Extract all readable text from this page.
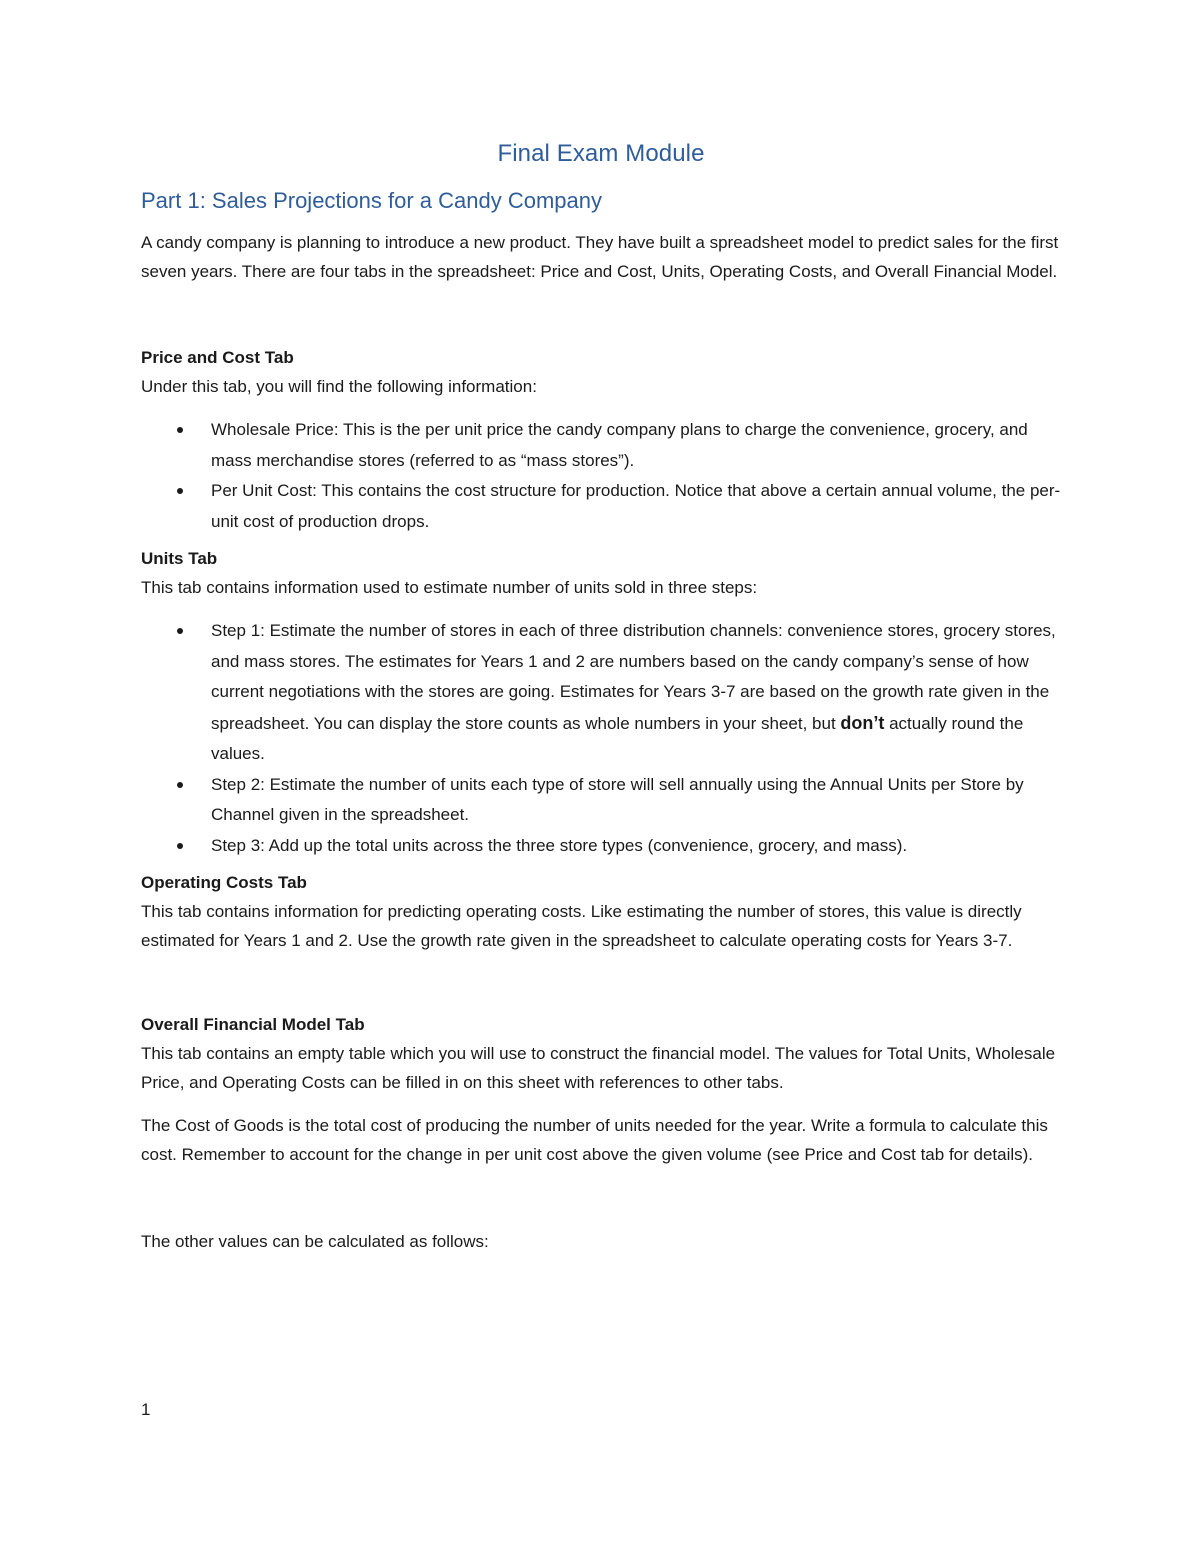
Final Exam Module
Part 1: Sales Projections for a Candy Company

A candy company is planning to introduce a new product. They have built a spreadsheet model to predict sales for the first seven years. There are four tabs in the spreadsheet: Price and Cost, Units, Operating Costs, and Overall Financial Model.

Price and Cost Tab

Under this tab, you will find the following information:

Wholesale Price: This is the per unit price the candy company plans to charge the convenience, grocery, and mass merchandise stores (referred to as “mass stores”).
Per Unit Cost: This contains the cost structure for production. Notice that above a certain annual volume, the per-unit cost of production drops.
Units Tab

This tab contains information used to estimate number of units sold in three steps:

Step 1: Estimate the number of stores in each of three distribution channels: convenience stores, grocery stores, and mass stores. The estimates for Years 1 and 2 are numbers based on the candy company’s sense of how current negotiations with the stores are going. Estimates for Years 3-7 are based on the growth rate given in the spreadsheet. You can display the store counts as whole numbers in your sheet, but don’t actually round the values.
Step 2: Estimate the number of units each type of store will sell annually using the Annual Units per Store by Channel given in the spreadsheet.
Step 3: Add up the total units across the three store types (convenience, grocery, and mass).
Operating Costs Tab

This tab contains information for predicting operating costs. Like estimating the number of stores, this value is directly estimated for Years 1 and 2. Use the growth rate given in the spreadsheet to calculate operating costs for Years 3-7.

Overall Financial Model Tab

This tab contains an empty table which you will use to construct the financial model. The values for Total Units, Wholesale Price, and Operating Costs can be filled in on this sheet with references to other tabs.

The Cost of Goods is the total cost of producing the number of units needed for the year. Write a formula to calculate this cost. Remember to account for the change in per unit cost above the given volume (see Price and Cost tab for details).

The other values can be calculated as follows:

1
